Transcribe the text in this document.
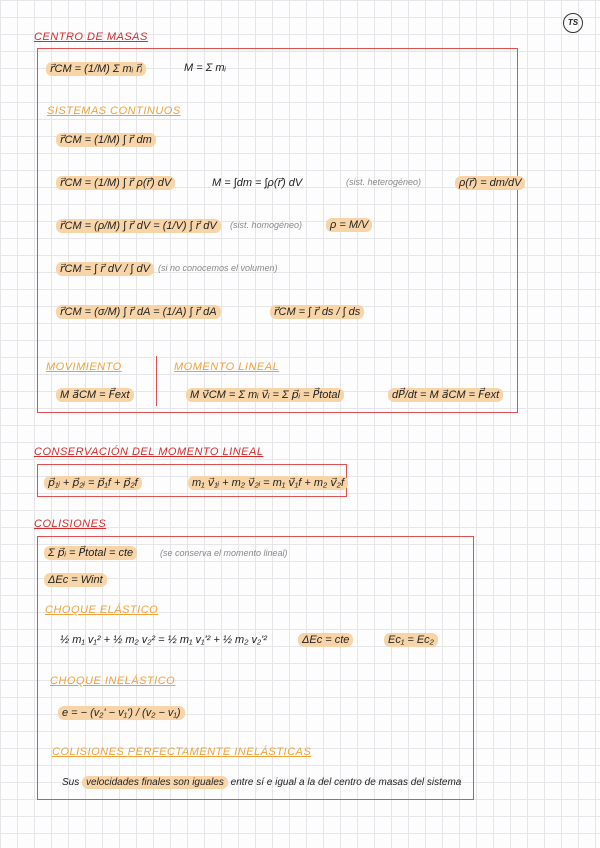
TS
CENTRO DE MASAS
r⃗CM = (1/M) Σ mᵢ r⃗ᵢ	M = Σ mᵢ
SISTEMAS CONTINUOS
r⃗CM = (1/M) ∫ r⃗ dm
r⃗CM = (1/M) ∫ r⃗ ρ(r⃗) dV	M = ∫dm = ∫ρ(r⃗) dV	(sist. heterogéneo)	ρ(r⃗) = dm/dV
r⃗CM = (ρ/M) ∫ r⃗ dV = (1/V) ∫ r⃗ dV	(sist. homogéneo)	ρ = M/V
r⃗CM = ∫ r⃗ dV / ∫ dV (si no conocemos el volumen)
r⃗CM = (σ/M) ∫ r⃗ dA = (1/A) ∫ r⃗ dA	r⃗CM = ∫ r⃗ ds / ∫ ds
MOVIMIENTO	MOMENTO LINEAL
M a⃗CM = F⃗ext	M v⃗CM = Σ mᵢ v⃗ᵢ = Σ p⃗ᵢ = P⃗total	dP⃗/dt = M a⃗CM = F⃗ext
CONSERVACIÓN DEL MOMENTO LINEAL
p⃗₁ᵢ + p⃗₂ᵢ = p⃗₁f + p⃗₂f	m₁ v⃗₁ᵢ + m₂ v⃗₂ᵢ = m₁ v⃗₁f + m₂ v⃗₂f
COLISIONES
Σ p⃗ᵢ = P⃗total = cte	(se conserva el momento lineal)
ΔEc = Wint
CHOQUE ELÁSTICO
½ m₁ v₁² + ½ m₂ v₂² = ½ m₁ v₁'² + ½ m₂ v₂'²	ΔEc = cte	Ec₁ = Ec₂
CHOQUE INELÁSTICO
e = − (v₂' − v₁') / (v₂ − v₁)
COLISIONES PERFECTAMENTE INELÁSTICAS
Sus velocidades finales son iguales entre sí e igual a la del centro de masas del sistema
